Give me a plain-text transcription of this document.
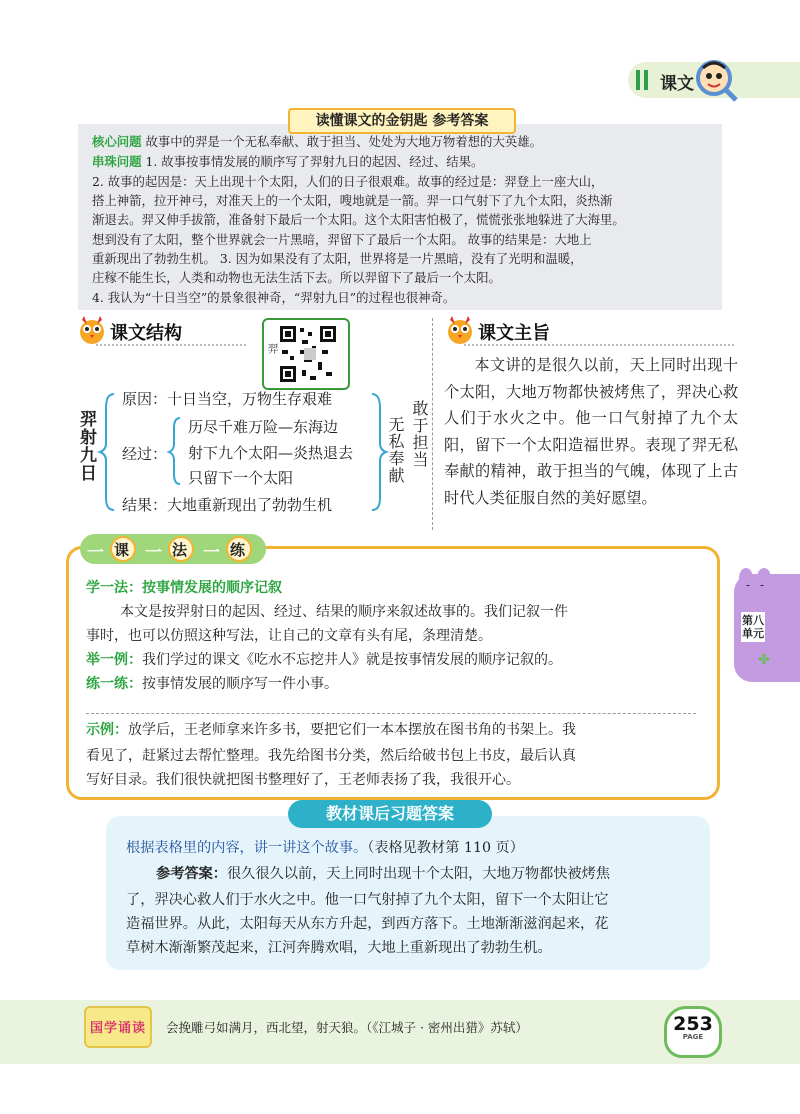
课文
读懂课文的金钥匙 参考答案
核心问题 故事中的羿是一个无私奉献、敢于担当、处处为大地万物着想的大英雄。
串珠问题 1. 故事按事情发展的顺序写了羿射九日的起因、经过、结果。
2. 故事的起因是：天上出现十个太阳，人们的日子很艰难。故事的经过是：羿登上一座大山，
搭上神箭，拉开神弓，对准天上的一个太阳，嗖地就是一箭。羿一口气射下了九个太阳，炎热渐
渐退去。羿又伸手拔箭，准备射下最后一个太阳。这个太阳害怕极了，慌慌张张地躲进了大海里。
想到没有了太阳，整个世界就会一片黑暗，羿留下了最后一个太阳。 故事的结果是：大地上
重新现出了勃勃生机。 3. 因为如果没有了太阳，世界将是一片黑暗，没有了光明和温暖，
庄稼不能生长，人类和动物也无法生活下去。所以羿留下了最后一个太阳。
4. 我认为“十日当空”的景象很神奇，“羿射九日”的过程也很神奇。
课文结构
羿
羿射九日
原因：十日当空，万物生存艰难
经过：
历尽千难万险—东海边
射下九个太阳—炎热退去
只留下一个太阳
结果：大地重新现出了勃勃生机
无私奉献 敢于担当
课文主旨
本文讲的是很久以前，天上同时出现十个太阳，大地万物都快被烤焦了，羿决心救人们于水火之中。他一口气射掉了九个太阳，留下一个太阳造福世界。表现了羿无私奉献的精神，敢于担当的气魄，体现了上古时代人类征服自然的美好愿望。
一 课 一 法 一 练
学一法：按事情发展的顺序记叙
本文是按羿射日的起因、经过、结果的顺序来叙述故事的。我们记叙一件
事时，也可以仿照这种写法，让自己的文章有头有尾，条理清楚。
举一例：我们学过的课文《吃水不忘挖井人》就是按事情发展的顺序记叙的。
练一练：按事情发展的顺序写一件小事。
示例：放学后，王老师拿来许多书，要把它们一本本摆放在图书角的书架上。我
看见了，赶紧过去帮忙整理。我先给图书分类，然后给破书包上书皮，最后认真
写好目录。我们很快就把图书整理好了，王老师表扬了我，我很开心。
第八单元
✤
教材课后习题答案
根据表格里的内容，讲一讲这个故事。（表格见教材第 110 页）
参考答案：很久很久以前，天上同时出现十个太阳，大地万物都快被烤焦
了，羿决心救人们于水火之中。他一口气射掉了九个太阳，留下一个太阳让它
造福世界。从此，太阳每天从东方升起，到西方落下。土地渐渐滋润起来，花
草树木渐渐繁茂起来，江河奔腾欢唱，大地上重新现出了勃勃生机。
国学诵读 会挽雕弓如满月，西北望，射天狼。（《江城子 · 密州出猎》苏轼）	253
PAGE
